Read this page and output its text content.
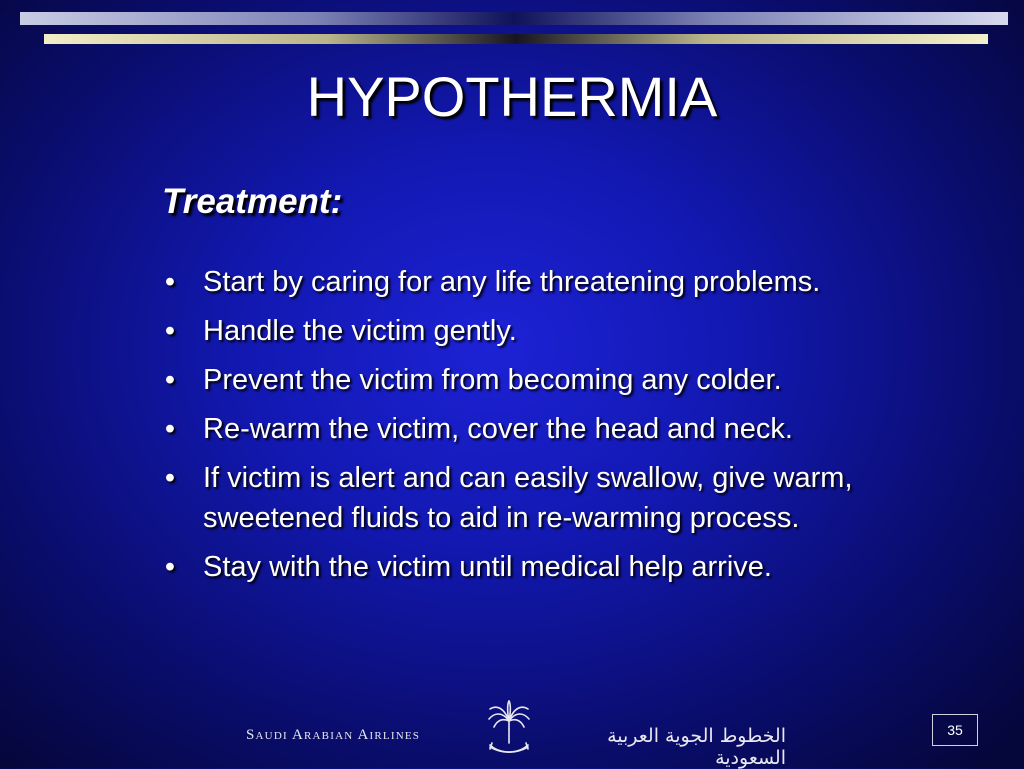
HYPOTHERMIA
Treatment:
• Start by caring for any life threatening problems.
• Handle the victim gently.
• Prevent the victim from becoming any colder.
• Re-warm the victim, cover the head and neck.
• If victim is alert and can easily swallow, give warm, sweetened fluids to aid in re-warming process.
• Stay with the victim until medical help arrive.
Saudi Arabian Airlines	الخطوط الجوية العربية السعودية
35
